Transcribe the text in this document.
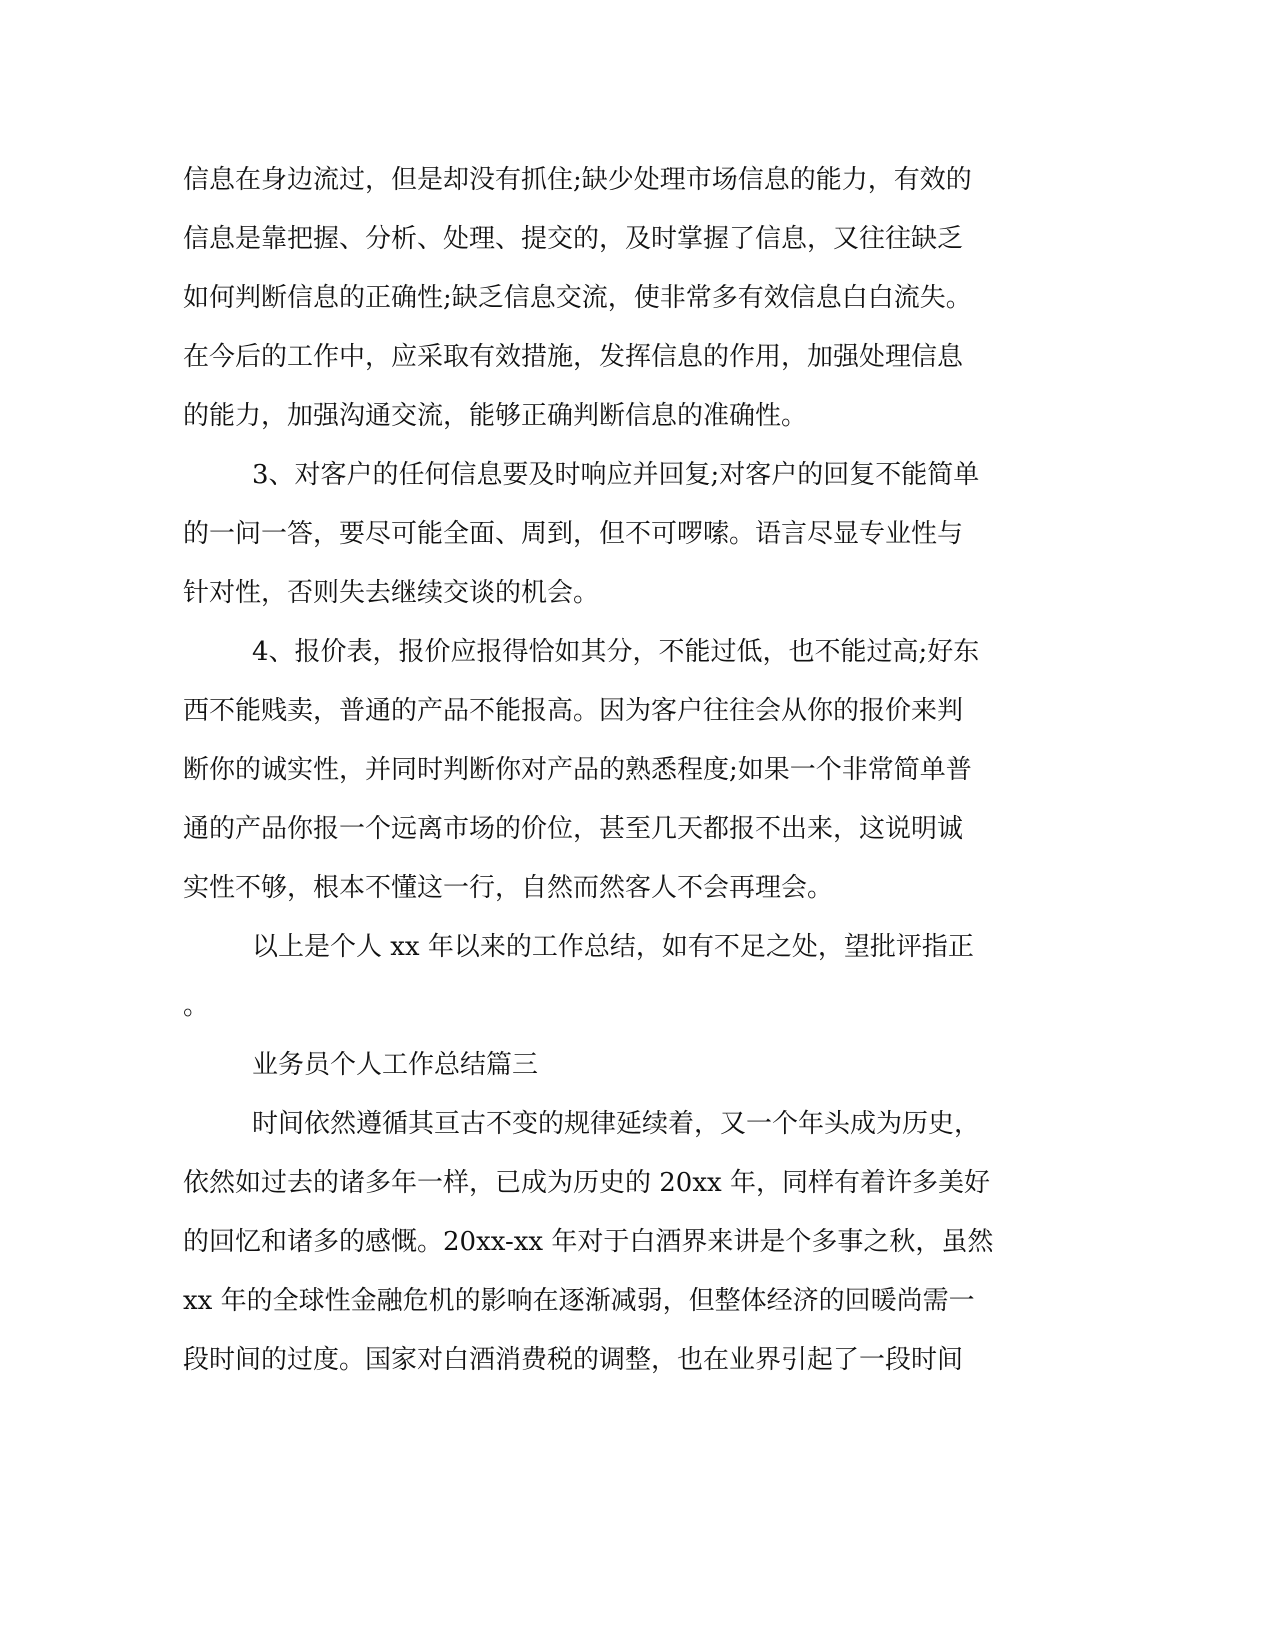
信息在身边流过，但是却没有抓住;缺少处理市场信息的能力，有效的
信息是靠把握、分析、处理、提交的，及时掌握了信息，又往往缺乏
如何判断信息的正确性;缺乏信息交流，使非常多有效信息白白流失。
在今后的工作中，应采取有效措施，发挥信息的作用，加强处理信息
的能力，加强沟通交流，能够正确判断信息的准确性。
3、对客户的任何信息要及时响应并回复;对客户的回复不能简单
的一问一答，要尽可能全面、周到，但不可啰嗦。语言尽显专业性与
针对性，否则失去继续交谈的机会。
4、报价表，报价应报得恰如其分，不能过低，也不能过高;好东
西不能贱卖，普通的产品不能报高。因为客户往往会从你的报价来判
断你的诚实性，并同时判断你对产品的熟悉程度;如果一个非常简单普
通的产品你报一个远离市场的价位，甚至几天都报不出来，这说明诚
实性不够，根本不懂这一行，自然而然客人不会再理会。
以上是个人 xx 年以来的工作总结，如有不足之处，望批评指正
。
业务员个人工作总结篇三
时间依然遵循其亘古不变的规律延续着，又一个年头成为历史，
依然如过去的诸多年一样，已成为历史的 20xx 年，同样有着许多美好
的回忆和诸多的感慨。20xx-xx 年对于白酒界来讲是个多事之秋，虽然
xx 年的全球性金融危机的影响在逐渐减弱，但整体经济的回暖尚需一
段时间的过度。国家对白酒消费税的调整，也在业界引起了一段时间
